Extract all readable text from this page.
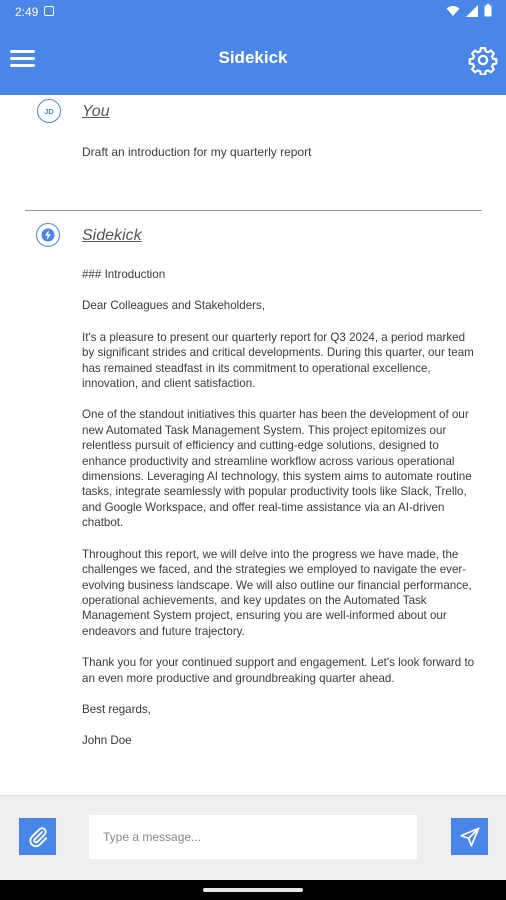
2:49
Sidekick
JD	You
Draft an introduction for my quarterly report
Sidekick

### Introduction

Dear Colleagues and Stakeholders,

It's a pleasure to present our quarterly report for Q3 2024, a period marked by significant strides and critical developments. During this quarter, our team has remained steadfast in its commitment to operational excellence, innovation, and client satisfaction.

One of the standout initiatives this quarter has been the development of our new Automated Task Management System. This project epitomizes our relentless pursuit of efficiency and cutting-edge solutions, designed to enhance productivity and streamline workflow across various operational dimensions. Leveraging AI technology, this system aims to automate routine tasks, integrate seamlessly with popular productivity tools like Slack, Trello, and Google Workspace, and offer real-time assistance via an AI-driven chatbot.

Throughout this report, we will delve into the progress we have made, the challenges we faced, and the strategies we employed to navigate the ever-evolving business landscape. We will also outline our financial performance, operational achievements, and key updates on the Automated Task Management System project, ensuring you are well-informed about our endeavors and future trajectory.

Thank you for your continued support and engagement. Let's look forward to an even more productive and groundbreaking quarter ahead.

Best regards,

John Doe

Type a message...
